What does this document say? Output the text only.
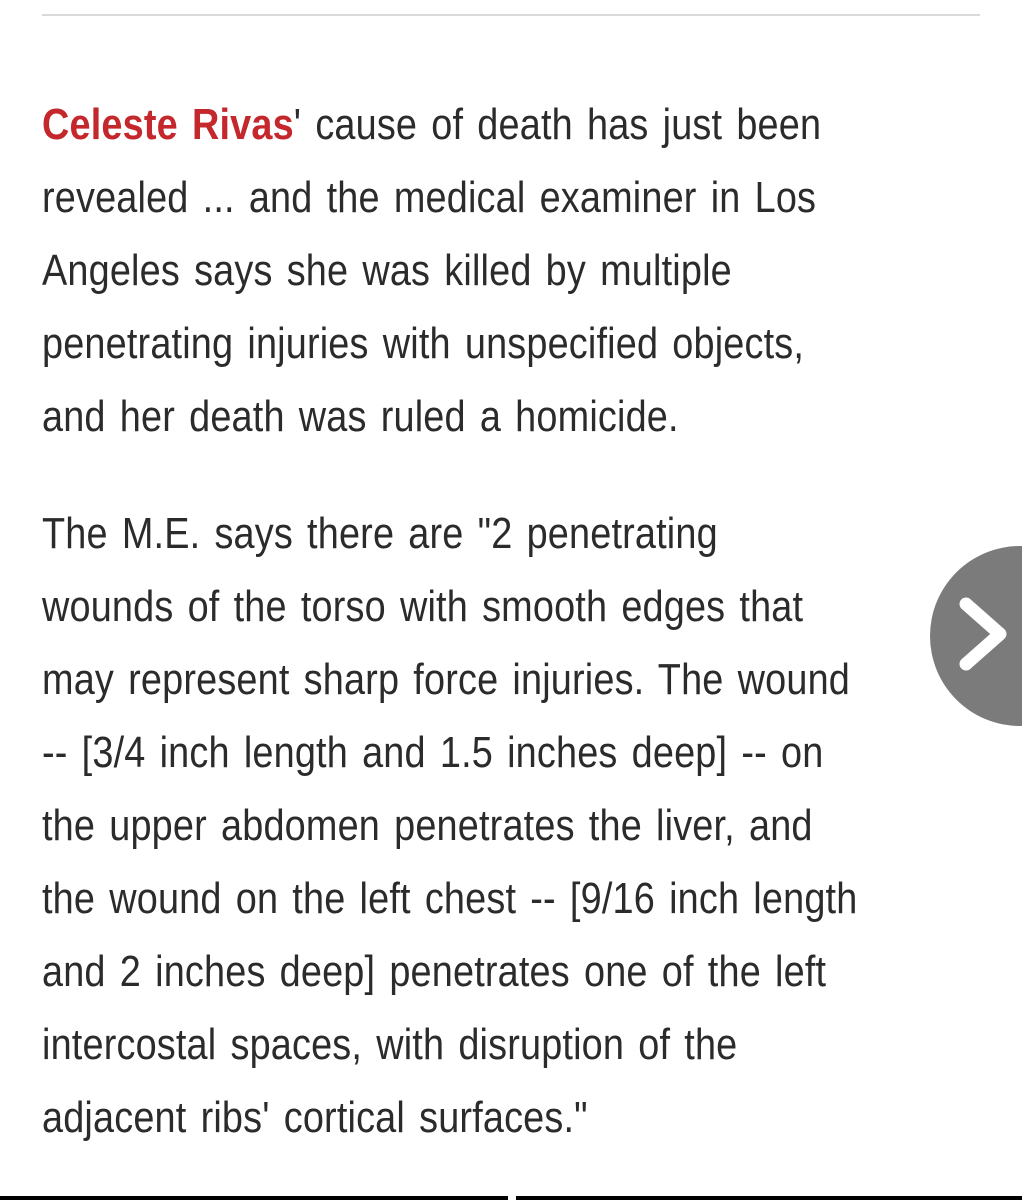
Celeste Rivas' cause of death has just been revealed ... and the medical examiner in Los Angeles says she was killed by multiple penetrating injuries with unspecified objects, and her death was ruled a homicide.

The M.E. says there are "2 penetrating wounds of the torso with smooth edges that may represent sharp force injuries. The wound -- [3/4 inch length and 1.5 inches deep] -- on the upper abdomen penetrates the liver, and the wound on the left chest -- [9/16 inch length and 2 inches deep] penetrates one of the left intercostal spaces, with disruption of the adjacent ribs' cortical surfaces."
